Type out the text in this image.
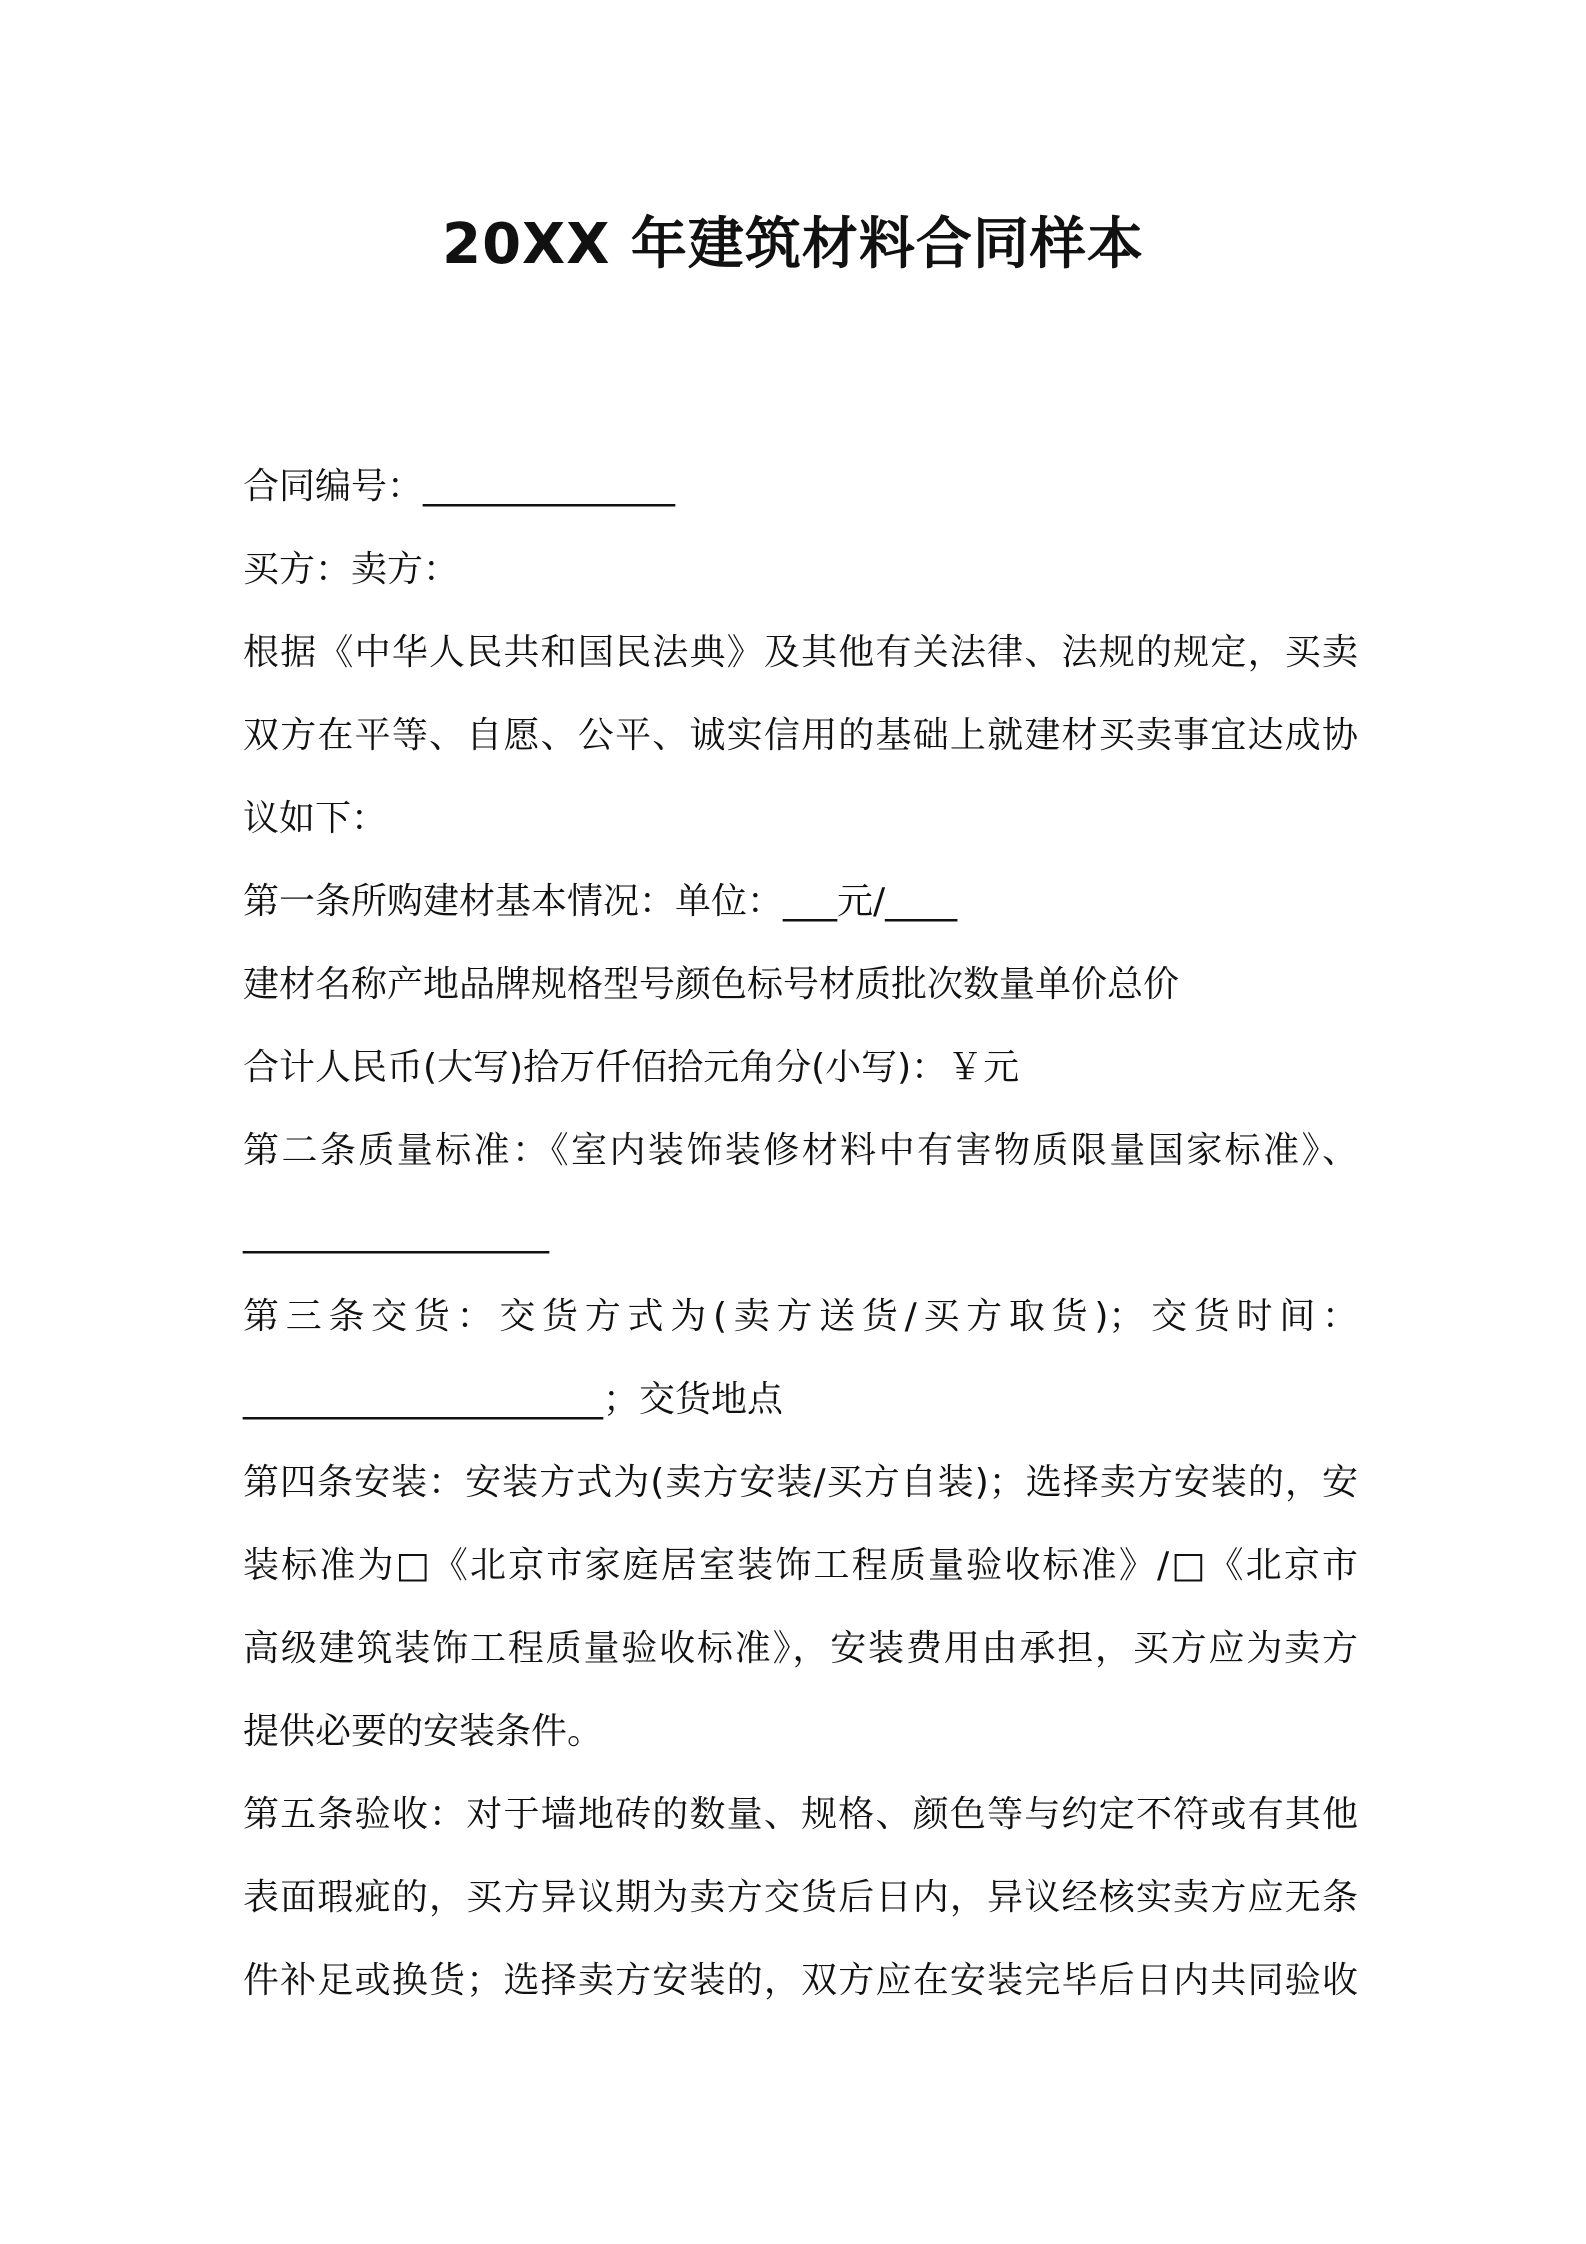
20XX 年建筑材料合同样本
合同编号：______________
买方：卖方：
根据《中华人民共和国民法典》及其他有关法律、法规的规定，买卖
双方在平等、自愿、公平、诚实信用的基础上就建材买卖事宜达成协
议如下：
第一条所购建材基本情况：单位：___元/____
建材名称产地品牌规格型号颜色标号材质批次数量单价总价
合计人民币(大写)拾万仟佰拾元角分(小写)：￥元
第二条质量标准：《室内装饰装修材料中有害物质限量国家标准》、
_________________
第三条交货：交货方式为(卖方送货/买方取货)；交货时间：
____________________；交货地点
第四条安装：安装方式为(卖方安装/买方自装)；选择卖方安装的，安
装标准为□《北京市家庭居室装饰工程质量验收标准》/□《北京市
高级建筑装饰工程质量验收标准》，安装费用由承担，买方应为卖方
提供必要的安装条件。
第五条验收：对于墙地砖的数量、规格、颜色等与约定不符或有其他
表面瑕疵的，买方异议期为卖方交货后日内，异议经核实卖方应无条
件补足或换货；选择卖方安装的，双方应在安装完毕后日内共同验收
